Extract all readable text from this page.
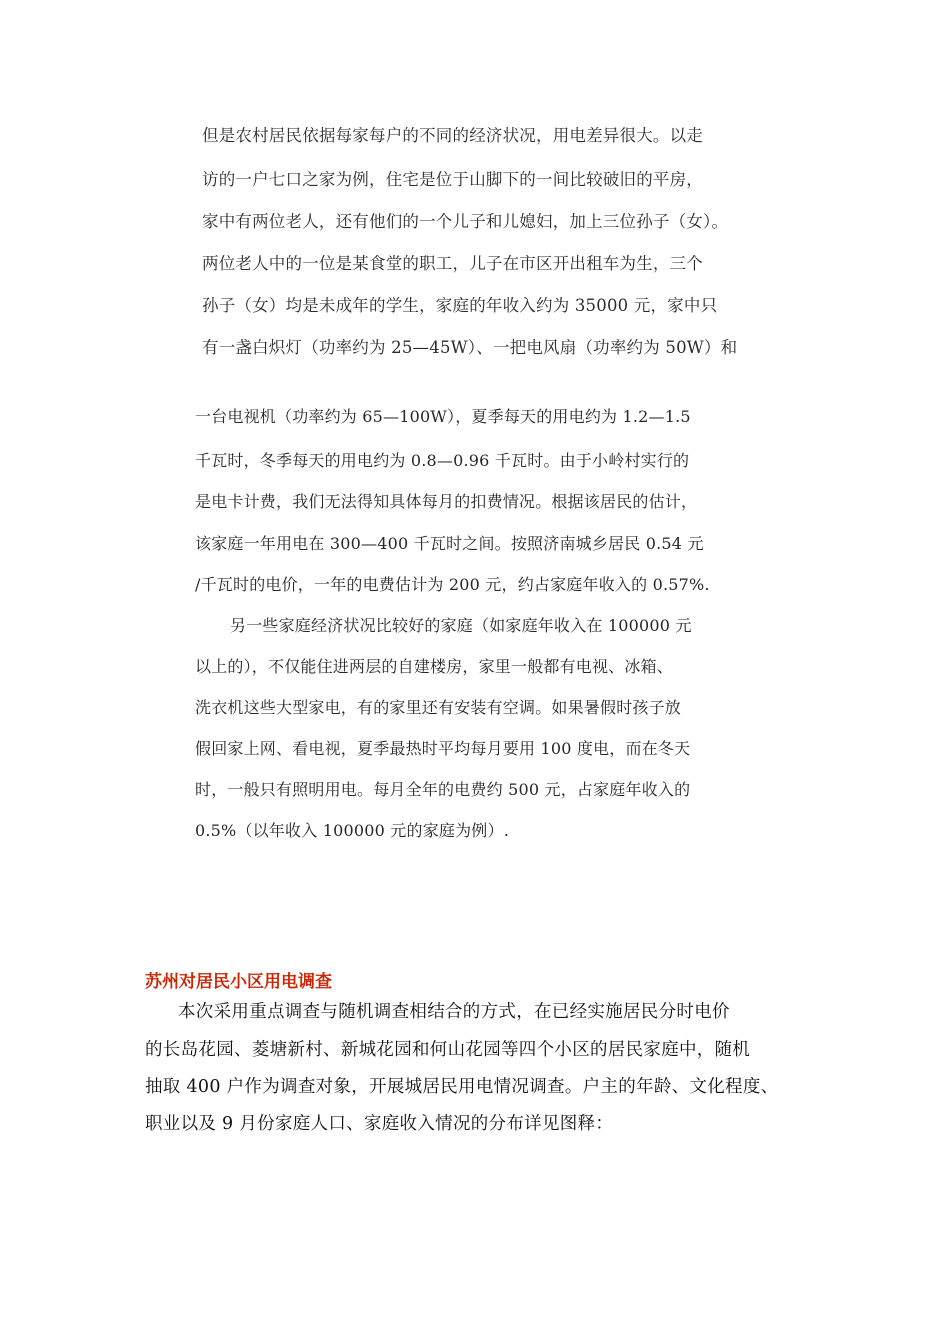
但是农村居民依据每家每户的不同的经济状况，用电差异很大。以走
访的一户七口之家为例，住宅是位于山脚下的一间比较破旧的平房，
家中有两位老人，还有他们的一个儿子和儿媳妇，加上三位孙子（女）。
两位老人中的一位是某食堂的职工，儿子在市区开出租车为生，三个
孙子（女）均是未成年的学生，家庭的年收入约为 35000 元，家中只
有一盏白炽灯（功率约为 25—45W）、一把电风扇（功率约为 50W）和
一台电视机（功率约为 65—100W），夏季每天的用电约为 1.2—1.5
千瓦时，冬季每天的用电约为 0.8—0.96 千瓦时。由于小岭村实行的
是电卡计费，我们无法得知具体每月的扣费情况。根据该居民的估计，
该家庭一年用电在 300—400 千瓦时之间。按照济南城乡居民 0.54 元
/千瓦时的电价，一年的电费估计为 200 元，约占家庭年收入的 0.57%.
另一些家庭经济状况比较好的家庭（如家庭年收入在 100000 元
以上的），不仅能住进两层的自建楼房，家里一般都有电视、冰箱、
洗衣机这些大型家电，有的家里还有安装有空调。如果暑假时孩子放
假回家上网、看电视，夏季最热时平均每月要用 100 度电，而在冬天
时，一般只有照明用电。每月全年的电费约 500 元，占家庭年收入的
0.5%（以年收入 100000 元的家庭为例）.
苏州对居民小区用电调查
本次采用重点调查与随机调查相结合的方式，在已经实施居民分时电价
的长岛花园、菱塘新村、新城花园和何山花园等四个小区的居民家庭中，随机
抽取 400 户作为调查对象，开展城居民用电情况调查。户主的年龄、文化程度、
职业以及 9 月份家庭人口、家庭收入情况的分布详见图释：
